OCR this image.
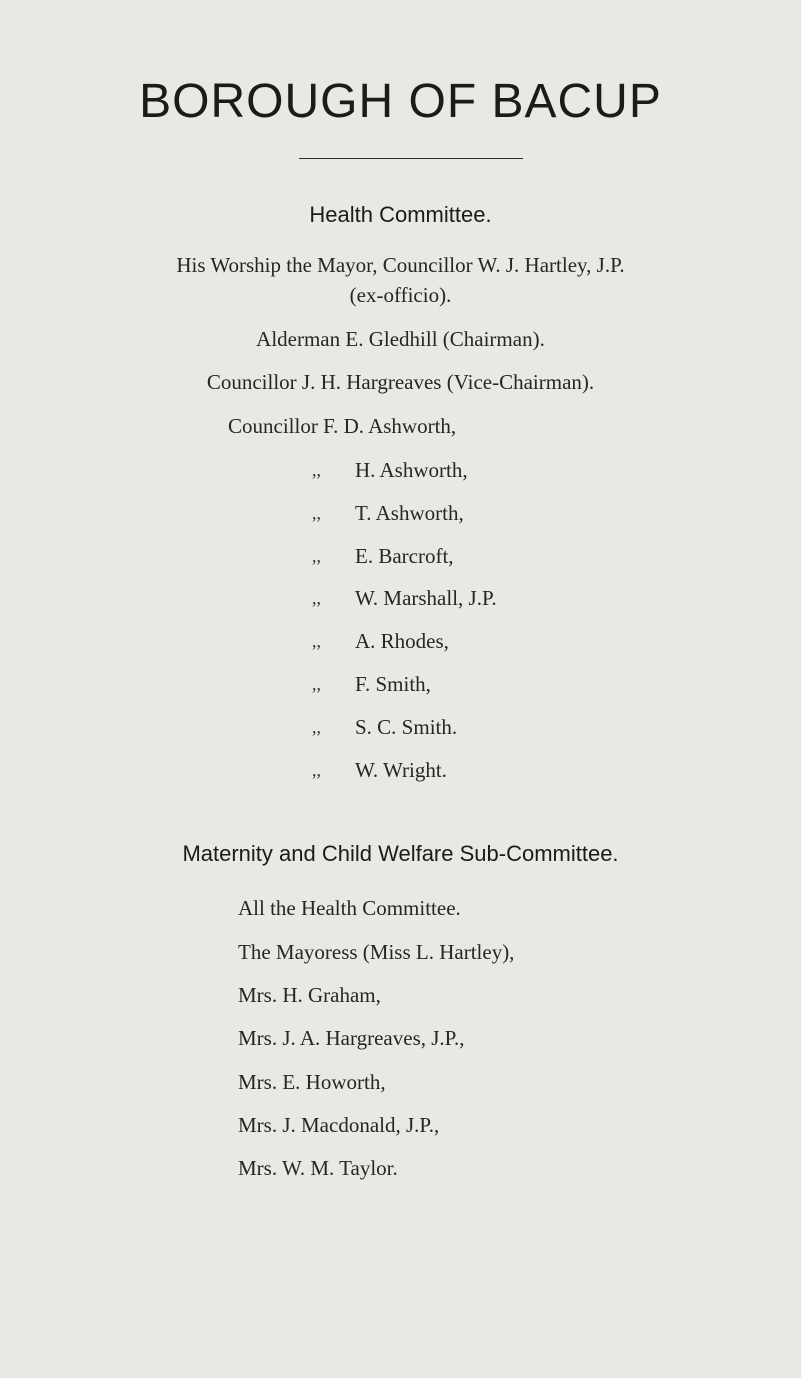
BOROUGH OF BACUP
Health Committee.
His Worship the Mayor, Councillor W. J. Hartley, J.P.
(ex-officio).
Alderman E. Gledhill (Chairman).
Councillor J. H. Hargreaves (Vice-Chairman).
Councillor F. D. Ashworth,
,, H. Ashworth,
,, T. Ashworth,
,, E. Barcroft,
,, W. Marshall, J.P.
,, A. Rhodes,
,, F. Smith,
,, S. C. Smith.
,, W. Wright.
Maternity and Child Welfare Sub-Committee.
All the Health Committee.
The Mayoress (Miss L. Hartley),
Mrs. H. Graham,
Mrs. J. A. Hargreaves, J.P.,
Mrs. E. Howorth,
Mrs. J. Macdonald, J.P.,
Mrs. W. M. Taylor.
